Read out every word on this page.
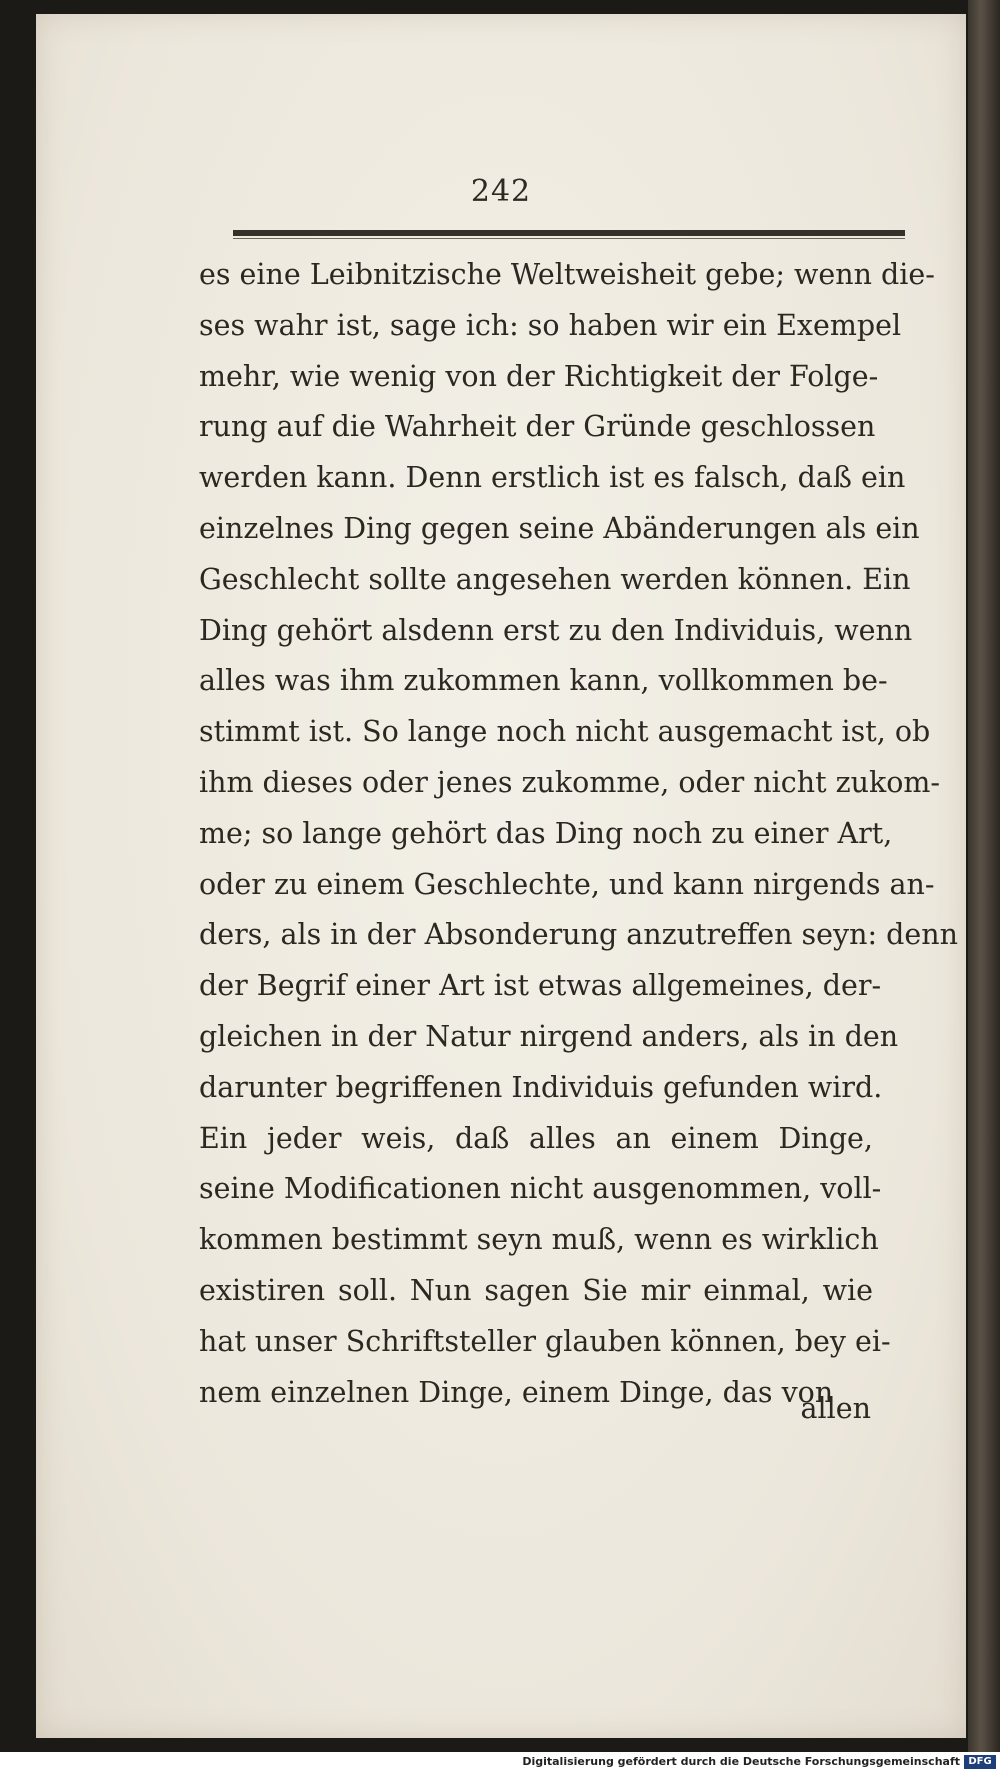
242
es eine Leibnitzische Weltweisheit gebe; wenn die-
ses wahr ist, sage ich: so haben wir ein Exempel
mehr, wie wenig von der Richtigkeit der Folge-
rung auf die Wahrheit der Gründe geschlossen
werden kann. Denn erstlich ist es falsch, daß ein
einzelnes Ding gegen seine Abänderungen als ein
Geschlecht sollte angesehen werden können. Ein
Ding gehört alsdenn erst zu den Individuis, wenn
alles was ihm zukommen kann, vollkommen be-
stimmt ist. So lange noch nicht ausgemacht ist, ob
ihm dieses oder jenes zukomme, oder nicht zukom-
me; so lange gehört das Ding noch zu einer Art,
oder zu einem Geschlechte, und kann nirgends an-
ders, als in der Absonderung anzutreffen seyn: denn
der Begrif einer Art ist etwas allgemeines, der-
gleichen in der Natur nirgend anders, als in den
darunter begriffenen Individuis gefunden wird.
Ein jeder weis, daß alles an einem Dinge,
seine Modificationen nicht ausgenommen, voll-
kommen bestimmt seyn muß, wenn es wirklich
existiren soll. Nun sagen Sie mir einmal, wie
hat unser Schriftsteller glauben können, bey ei-
nem einzelnen Dinge, einem Dinge, das von
allen
Digitalisierung gefördert durch die Deutsche Forschungsgemeinschaft DFG
